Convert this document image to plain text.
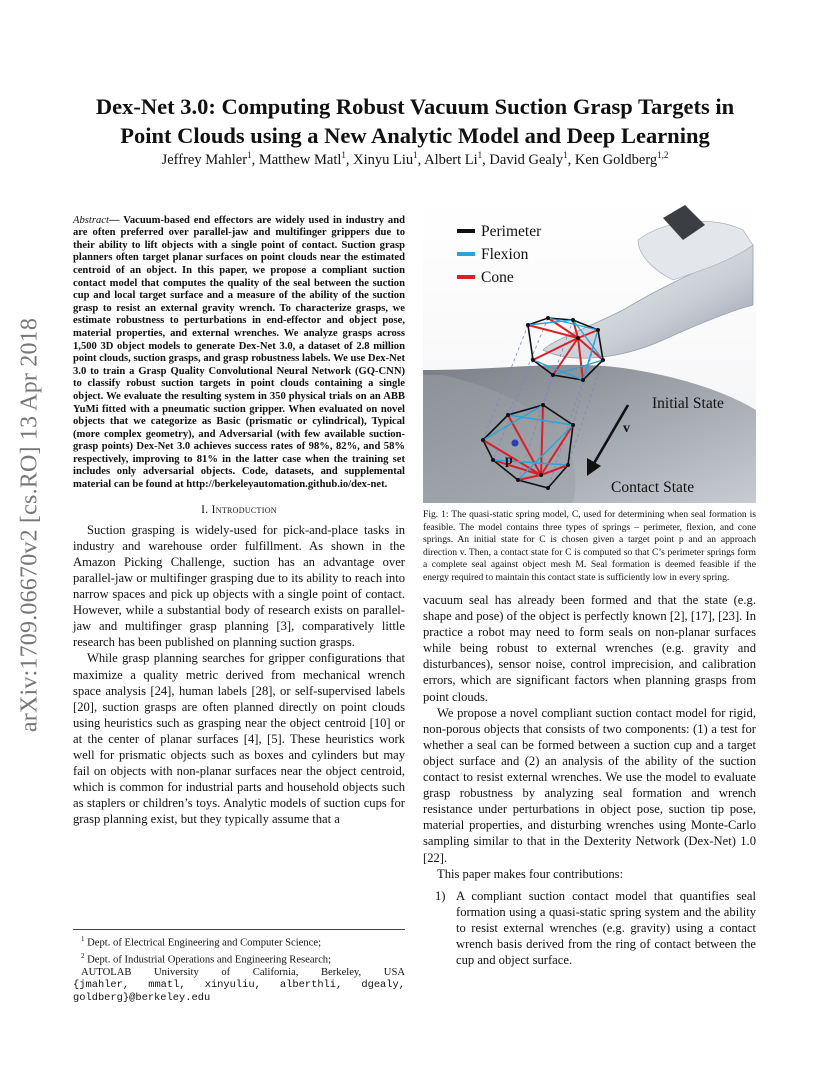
arXiv:1709.06670v2 [cs.RO] 13 Apr 2018
Dex-Net 3.0: Computing Robust Vacuum Suction Grasp Targets in
Point Clouds using a New Analytic Model and Deep Learning
Jeffrey Mahler$^1$, Matthew Matl$^1$, Xinyu Liu$^1$, Albert Li$^1$, David Gealy$^1$, Ken Goldberg$^{1,2}$

Abstract— Vacuum-based end effectors are widely used in industry and are often preferred over parallel-jaw and multifinger grippers due to their ability to lift objects with a single point of contact. Suction grasp planners often target planar surfaces on point clouds near the estimated centroid of an object. In this paper, we propose a compliant suction contact model that computes the quality of the seal between the suction cup and local target surface and a measure of the ability of the suction grasp to resist an external gravity wrench. To characterize grasps, we estimate robustness to perturbations in end-effector and object pose, material properties, and external wrenches. We analyze grasps across 1,500 3D object models to generate Dex-Net 3.0, a dataset of 2.8 million point clouds, suction grasps, and grasp robustness labels. We use Dex-Net 3.0 to train a Grasp Quality Convolutional Neural Network (GQ-CNN) to classify robust suction targets in point clouds containing a single object. We evaluate the resulting system in 350 physical trials on an ABB YuMi fitted with a pneumatic suction gripper. When evaluated on novel objects that we categorize as Basic (prismatic or cylindrical), Typical (more complex geometry), and Adversarial (with few available suction-grasp points) Dex-Net 3.0 achieves success rates of 98%, 82%, and 58% respectively, improving to 81% in the latter case when the training set includes only adversarial objects. Code, datasets, and supplemental material can be found at http://berkeleyautomation.github.io/dex-net.

I. Introduction

Suction grasping is widely-used for pick-and-place tasks in industry and warehouse order fulfillment. As shown in the Amazon Picking Challenge, suction has an advantage over parallel-jaw or multifinger grasping due to its ability to reach into narrow spaces and pick up objects with a single point of contact. However, while a substantial body of research exists on parallel-jaw and multifinger grasp planning [3], comparatively little research has been published on planning suction grasps.

While grasp planning searches for gripper configurations that maximize a quality metric derived from mechanical wrench space analysis [24], human labels [28], or self-supervised labels [20], suction grasps are often planned directly on point clouds using heuristics such as grasping near the object centroid [10] or at the center of planar surfaces [4], [5]. These heuristics work well for prismatic objects such as boxes and cylinders but may fail on objects with non-planar surfaces near the object centroid, which is common for industrial parts and household objects such as staplers or children’s toys. Analytic models of suction cups for grasp planning exist, but they typically assume that a

$^1$ Dept. of Electrical Engineering and Computer Science;

$^2$ Dept. of Industrial Operations and Engineering Research;

AUTOLAB University of California, Berkeley, USA

{jmahler, mmatl, xinyuliu, alberthli, dgealy, goldberg}@berkeley.edu

Perimeter
Flexion
Cone
Initial State
Contact State
v
p

Fig. 1: The quasi-static spring model, C, used for determining when seal formation is feasible. The model contains three types of springs – perimeter, flexion, and cone springs. An initial state for C is chosen given a target point p and an approach direction v. Then, a contact state for C is computed so that C’s perimeter springs form a complete seal against object mesh M. Seal formation is deemed feasible if the energy required to maintain this contact state is sufficiently low in every spring.

vacuum seal has already been formed and that the state (e.g. shape and pose) of the object is perfectly known [2], [17], [23]. In practice a robot may need to form seals on non-planar surfaces while being robust to external wrenches (e.g. gravity and disturbances), sensor noise, control imprecision, and calibration errors, which are significant factors when planning grasps from point clouds.

We propose a novel compliant suction contact model for rigid, non-porous objects that consists of two components: (1) a test for whether a seal can be formed between a suction cup and a target object surface and (2) an analysis of the ability of the suction contact to resist external wrenches. We use the model to evaluate grasp robustness by analyzing seal formation and wrench resistance under perturbations in object pose, suction tip pose, material properties, and disturbing wrenches using Monte-Carlo sampling similar to that in the Dexterity Network (Dex-Net) 1.0 [22].

This paper makes four contributions:

1) A compliant suction contact model that quantifies seal formation using a quasi-static spring system and the ability to resist external wrenches (e.g. gravity) using a contact wrench basis derived from the ring of contact between the cup and object surface.
